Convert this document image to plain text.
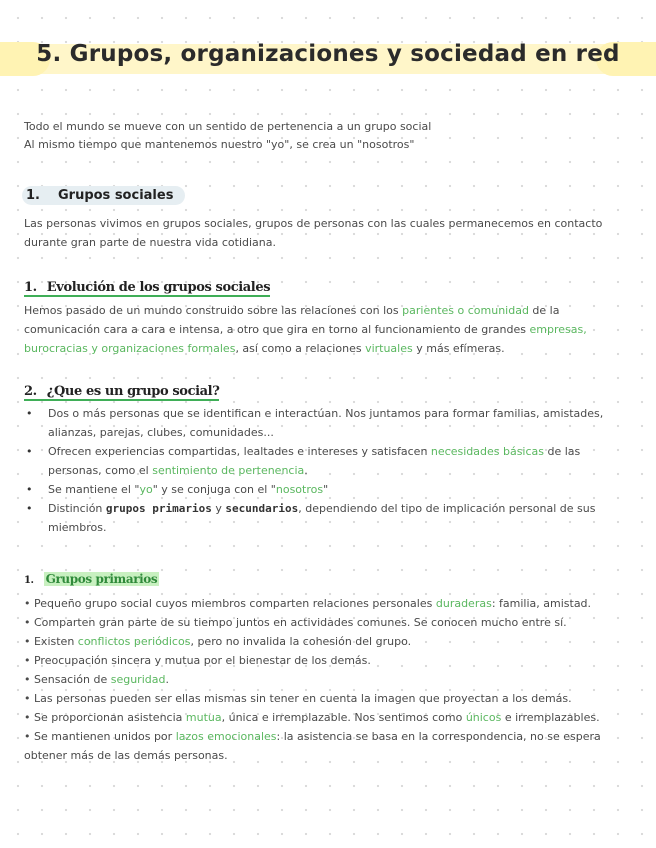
5. Grupos, organizaciones y sociedad en red

Todo el mundo se mueve con un sentido de pertenencia a un grupo social

Al mismo tiempo que mantenemos nuestro "yo", se crea un "nosotros"

1. Grupos sociales

Las personas vivimos en grupos sociales, grupos de personas con las cuales permanecemos en contacto durante gran parte de nuestra vida cotidiana.

1. Evolución de los grupos sociales

Hemos pasado de un mundo construido sobre las relaciones con los parientes o comunidad de la comunicación cara a cara e intensa, a otro que gira en torno al funcionamiento de grandes empresas, burocracias y organizaciones formales, así como a relaciones virtuales y más efímeras.

2. ¿Que es un grupo social?
• Dos o más personas que se identifican e interactúan. Nos juntamos para formar familias, amistades, alianzas, parejas, clubes, comunidades...
• Ofrecen experiencias compartidas, lealtades e intereses y satisfacen necesidades básicas de las personas, como el sentimiento de pertenencia.
• Se mantiene el "yo" y se conjuga con el "nosotros"
• Distinción grupos primarios y secundarios, dependiendo del tipo de implicación personal de sus miembros.
1. Grupos primarios
• Pequeño grupo social cuyos miembros comparten relaciones personales duraderas: familia, amistad.
• Comparten gran parte de su tiempo juntos en actividades comunes. Se conocen mucho entre sí.
• Existen conflictos periódicos, pero no invalida la cohesión del grupo.
• Preocupación sincera y mutua por el bienestar de los demás.
• Sensación de seguridad.
• Las personas pueden ser ellas mismas sin tener en cuenta la imagen que proyectan a los demás.
• Se proporcionan asistencia mutua, única e irremplazable. Nos sentimos como únicos e irremplazables.
• Se mantienen unidos por lazos emocionales: la asistencia se basa en la correspondencia, no se espera obtener más de las demás personas.
